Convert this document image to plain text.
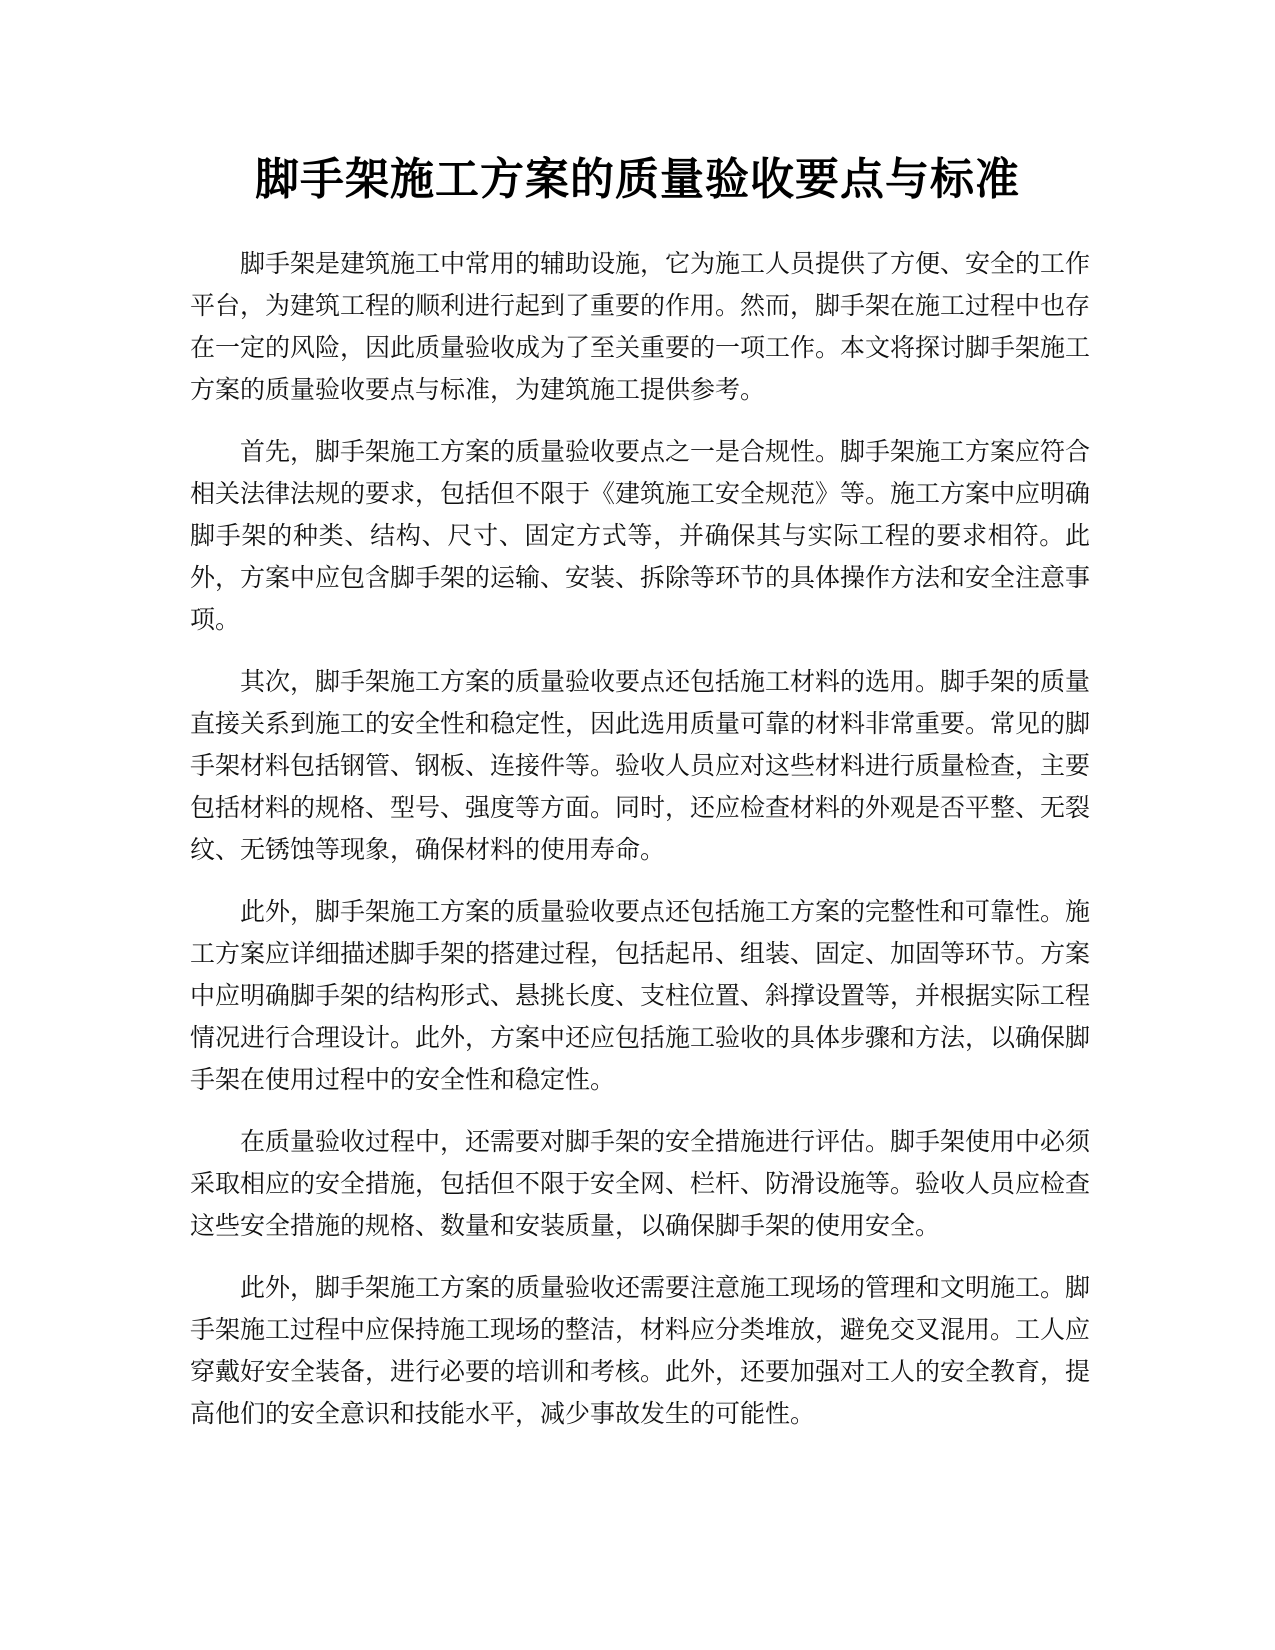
脚手架施工方案的质量验收要点与标准

脚手架是建筑施工中常用的辅助设施，它为施工人员提供了方便、安全的工作平台，为建筑工程的顺利进行起到了重要的作用。然而，脚手架在施工过程中也存在一定的风险，因此质量验收成为了至关重要的一项工作。本文将探讨脚手架施工方案的质量验收要点与标准，为建筑施工提供参考。

首先，脚手架施工方案的质量验收要点之一是合规性。脚手架施工方案应符合相关法律法规的要求，包括但不限于《建筑施工安全规范》等。施工方案中应明确脚手架的种类、结构、尺寸、固定方式等，并确保其与实际工程的要求相符。此外，方案中应包含脚手架的运输、安装、拆除等环节的具体操作方法和安全注意事项。

其次，脚手架施工方案的质量验收要点还包括施工材料的选用。脚手架的质量直接关系到施工的安全性和稳定性，因此选用质量可靠的材料非常重要。常见的脚手架材料包括钢管、钢板、连接件等。验收人员应对这些材料进行质量检查，主要包括材料的规格、型号、强度等方面。同时，还应检查材料的外观是否平整、无裂纹、无锈蚀等现象，确保材料的使用寿命。

此外，脚手架施工方案的质量验收要点还包括施工方案的完整性和可靠性。施工方案应详细描述脚手架的搭建过程，包括起吊、组装、固定、加固等环节。方案中应明确脚手架的结构形式、悬挑长度、支柱位置、斜撑设置等，并根据实际工程情况进行合理设计。此外，方案中还应包括施工验收的具体步骤和方法，以确保脚手架在使用过程中的安全性和稳定性。

在质量验收过程中，还需要对脚手架的安全措施进行评估。脚手架使用中必须采取相应的安全措施，包括但不限于安全网、栏杆、防滑设施等。验收人员应检查这些安全措施的规格、数量和安装质量，以确保脚手架的使用安全。

此外，脚手架施工方案的质量验收还需要注意施工现场的管理和文明施工。脚手架施工过程中应保持施工现场的整洁，材料应分类堆放，避免交叉混用。工人应穿戴好安全装备，进行必要的培训和考核。此外，还要加强对工人的安全教育，提高他们的安全意识和技能水平，减少事故发生的可能性。
